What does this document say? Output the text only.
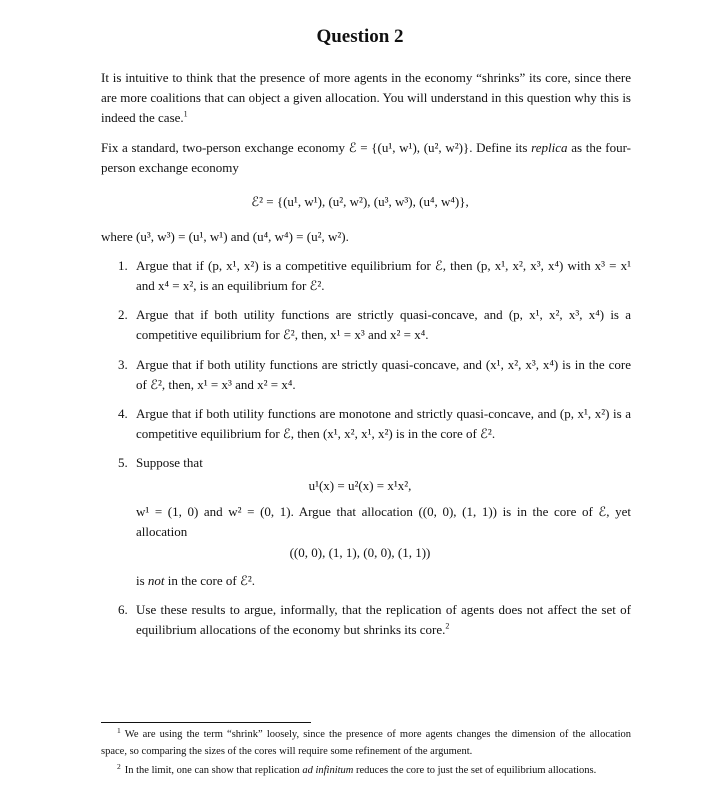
Question 2
It is intuitive to think that the presence of more agents in the economy “shrinks” its core, since there are more coalitions that can object a given allocation. You will understand in this question why this is indeed the case.$^1$
Fix a standard, two-person exchange economy ℰ = {(u¹, w¹), (u², w²)}. Define its replica as the four-person exchange economy
ℰ² = {(u¹, w¹), (u², w²), (u³, w³), (u⁴, w⁴)},
where (u³, w³) = (u¹, w¹) and (u⁴, w⁴) = (u², w²).
1. Argue that if (p, x¹, x²) is a competitive equilibrium for ℰ, then (p, x¹, x², x³, x⁴) with x³ = x¹ and x⁴ = x², is an equilibrium for ℰ².
2. Argue that if both utility functions are strictly quasi-concave, and (p, x¹, x², x³, x⁴) is a competitive equilibrium for ℰ², then, x¹ = x³ and x² = x⁴.
3. Argue that if both utility functions are strictly quasi-concave, and (x¹, x², x³, x⁴) is in the core of ℰ², then, x¹ = x³ and x² = x⁴.
4. Argue that if both utility functions are monotone and strictly quasi-concave, and (p, x¹, x²) is a competitive equilibrium for ℰ, then (x¹, x², x¹, x²) is in the core of ℰ².
5. Suppose that
u¹(x) = u²(x) = x¹x²,
w¹ = (1, 0) and w² = (0, 1). Argue that allocation ((0, 0), (1, 1)) is in the core of ℰ, yet allocation
((0, 0), (1, 1), (0, 0), (1, 1))
is not in the core of ℰ².
6. Use these results to argue, informally, that the replication of agents does not affect the set of equilibrium allocations of the economy but shrinks its core.$^2$
$^1$ We are using the term “shrink” loosely, since the presence of more agents changes the dimension of the allocation space, so comparing the sizes of the cores will require some refinement of the argument.
$^2$ In the limit, one can show that replication ad infinitum reduces the core to just the set of equilibrium allocations.
